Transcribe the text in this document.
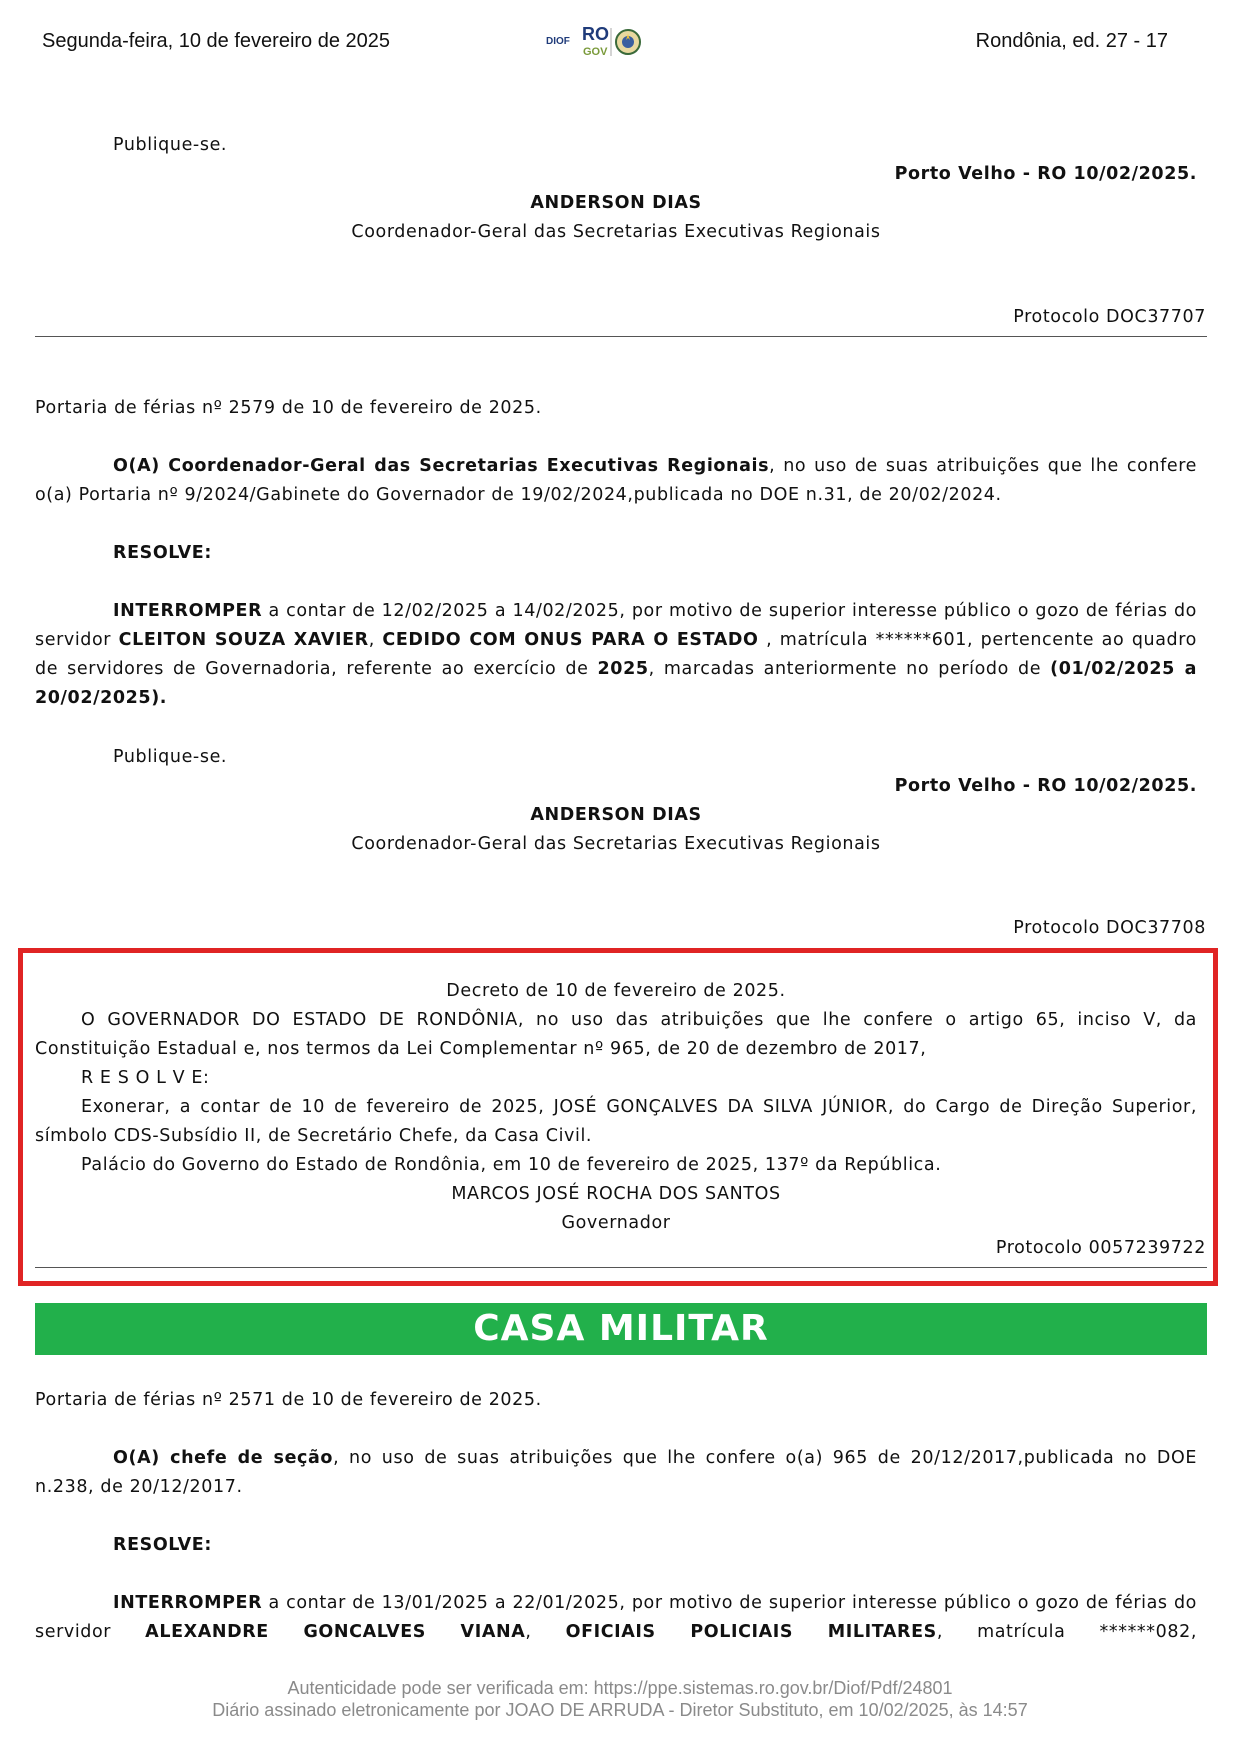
Segunda-feira, 10 de fevereiro de 2025	DIOF RO
GOV	Rondônia, ed. 27 - 17
Publique-se.
Porto Velho - RO 10/02/2025.
ANDERSON DIAS
Coordenador-Geral das Secretarias Executivas Regionais
Protocolo DOC37707
Portaria de férias nº 2579 de 10 de fevereiro de 2025.
O(A) Coordenador-Geral das Secretarias Executivas Regionais, no uso de suas atribuições que lhe confere o(a) Portaria nº 9/2024/Gabinete do Governador de 19/02/2024,publicada no DOE n.31, de 20/02/2024.
RESOLVE:
INTERROMPER a contar de 12/02/2025 a 14/02/2025, por motivo de superior interesse público o gozo de férias do servidor CLEITON SOUZA XAVIER, CEDIDO COM ONUS PARA O ESTADO , matrícula ******601, pertencente ao quadro de servidores de Governadoria, referente ao exercício de 2025, marcadas anteriormente no período de (01/02/2025 a 20/02/2025).
Publique-se.
Porto Velho - RO 10/02/2025.
ANDERSON DIAS
Coordenador-Geral das Secretarias Executivas Regionais
Protocolo DOC37708
Decreto de 10 de fevereiro de 2025.
O GOVERNADOR DO ESTADO DE RONDÔNIA, no uso das atribuições que lhe confere o artigo 65, inciso V, da Constituição Estadual e, nos termos da Lei Complementar nº 965, de 20 de dezembro de 2017,
R E S O L V E:
Exonerar, a contar de 10 de fevereiro de 2025, JOSÉ GONÇALVES DA SILVA JÚNIOR, do Cargo de Direção Superior, símbolo CDS-Subsídio II, de Secretário Chefe, da Casa Civil.
Palácio do Governo do Estado de Rondônia, em 10 de fevereiro de 2025, 137º da República.
MARCOS JOSÉ ROCHA DOS SANTOS
Governador
Protocolo 0057239722
CASA MILITAR
Portaria de férias nº 2571 de 10 de fevereiro de 2025.
O(A) chefe de seção, no uso de suas atribuições que lhe confere o(a) 965 de 20/12/2017,publicada no DOE n.238, de 20/12/2017.
RESOLVE:
INTERROMPER a contar de 13/01/2025 a 22/01/2025, por motivo de superior interesse público o gozo de férias do servidor ALEXANDRE GONCALVES VIANA, OFICIAIS POLICIAIS MILITARES, matrícula ******082,
Autenticidade pode ser verificada em: https://ppe.sistemas.ro.gov.br/Diof/Pdf/24801
Diário assinado eletronicamente por JOAO DE ARRUDA - Diretor Substituto, em 10/02/2025, às 14:57
